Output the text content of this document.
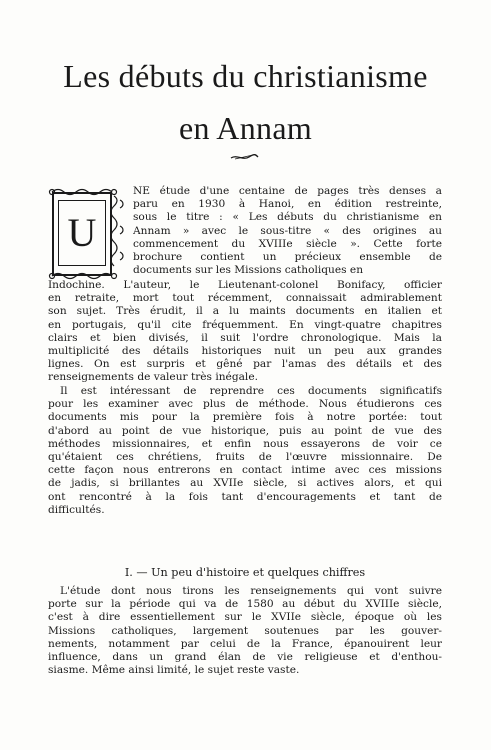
Les débuts du christianisme
en Annam
U
NE étude d'une centaine de pages très denses a
paru en 1930 à Hanoi, en édition restreinte,
sous le titre : « Les débuts du christianisme en
Annam » avec le sous-titre « des origines au
commencement du XVIIIe siècle ». Cette forte
brochure contient un précieux ensemble de
documents sur les Missions catholiques en
Indochine. L'auteur, le Lieutenant-colonel Bonifacy, officier
en retraite, mort tout récemment, connaissait admirablement
son sujet. Très érudit, il a lu maints documents en italien et
en portugais, qu'il cite fréquemment. En vingt-quatre chapitres
clairs et bien divisés, il suit l'ordre chronologique. Mais la
multiplicité des détails historiques nuit un peu aux grandes
lignes. On est surpris et gêné par l'amas des détails et des
renseignements de valeur très inégale.
Il est intéressant de reprendre ces documents significatifs
pour les examiner avec plus de méthode. Nous étudierons ces
documents mis pour la première fois à notre portée: tout
d'abord au point de vue historique, puis au point de vue des
méthodes missionnaires, et enfin nous essayerons de voir ce
qu'étaient ces chrétiens, fruits de l'œuvre missionnaire. De
cette façon nous entrerons en contact intime avec ces missions
de jadis, si brillantes au XVIIe siècle, si actives alors, et qui
ont rencontré à la fois tant d'encouragements et tant de
difficultés.
I. — Un peu d'histoire et quelques chiffres
L'étude dont nous tirons les renseignements qui vont suivre
porte sur la période qui va de 1580 au début du XVIIIe siècle,
c'est à dire essentiellement sur le XVIIe siècle, époque où les
Missions catholiques, largement soutenues par les gouver-
nements, notamment par celui de la France, épanouirent leur
influence, dans un grand élan de vie religieuse et d'enthou-
siasme. Même ainsi limité, le sujet reste vaste.
